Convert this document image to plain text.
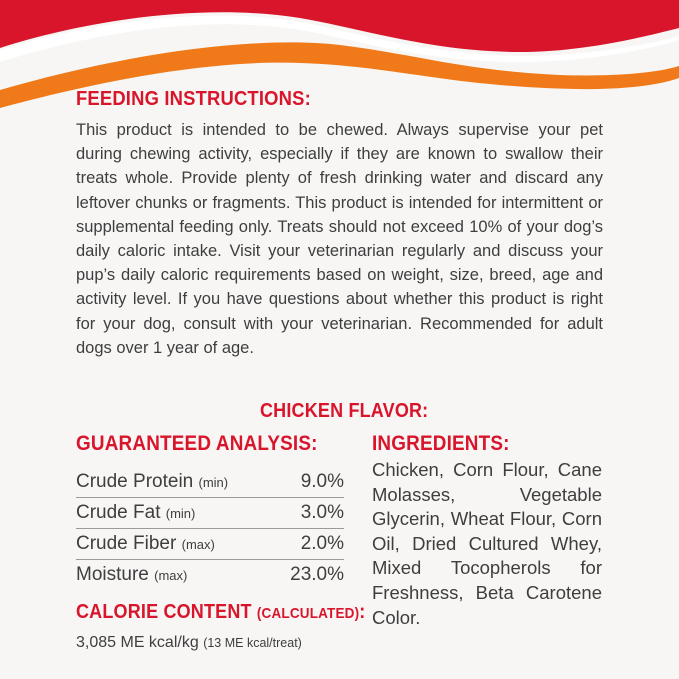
FEEDING INSTRUCTIONS:
This product is intended to be chewed. Always supervise your pet during chewing activity, especially if they are known to swallow their treats whole. Provide plenty of fresh drinking water and discard any leftover chunks or fragments. This product is intended for intermittent or supplemental feeding only. Treats should not exceed 10% of your dog’s daily caloric intake. Visit your veterinarian regularly and discuss your pup’s daily caloric requirements based on weight, size, breed, age and activity level. If you have questions about whether this product is right for your dog, consult with your veterinarian. Recommended for adult dogs over 1 year of age.
CHICKEN FLAVOR:
GUARANTEED ANALYSIS:
Crude Protein (min)	9.0%
Crude Fat (min)	3.0%
Crude Fiber (max)	2.0%
Moisture (max)	23.0%
CALORIE CONTENT (CALCULATED):
3,085 ME kcal/kg (13 ME kcal/treat)
INGREDIENTS:
Chicken, Corn Flour, Cane Molasses, Vegetable Glycerin, Wheat Flour, Corn Oil, Dried Cultured Whey, Mixed Tocopherols for Freshness, Beta Carotene Color.
